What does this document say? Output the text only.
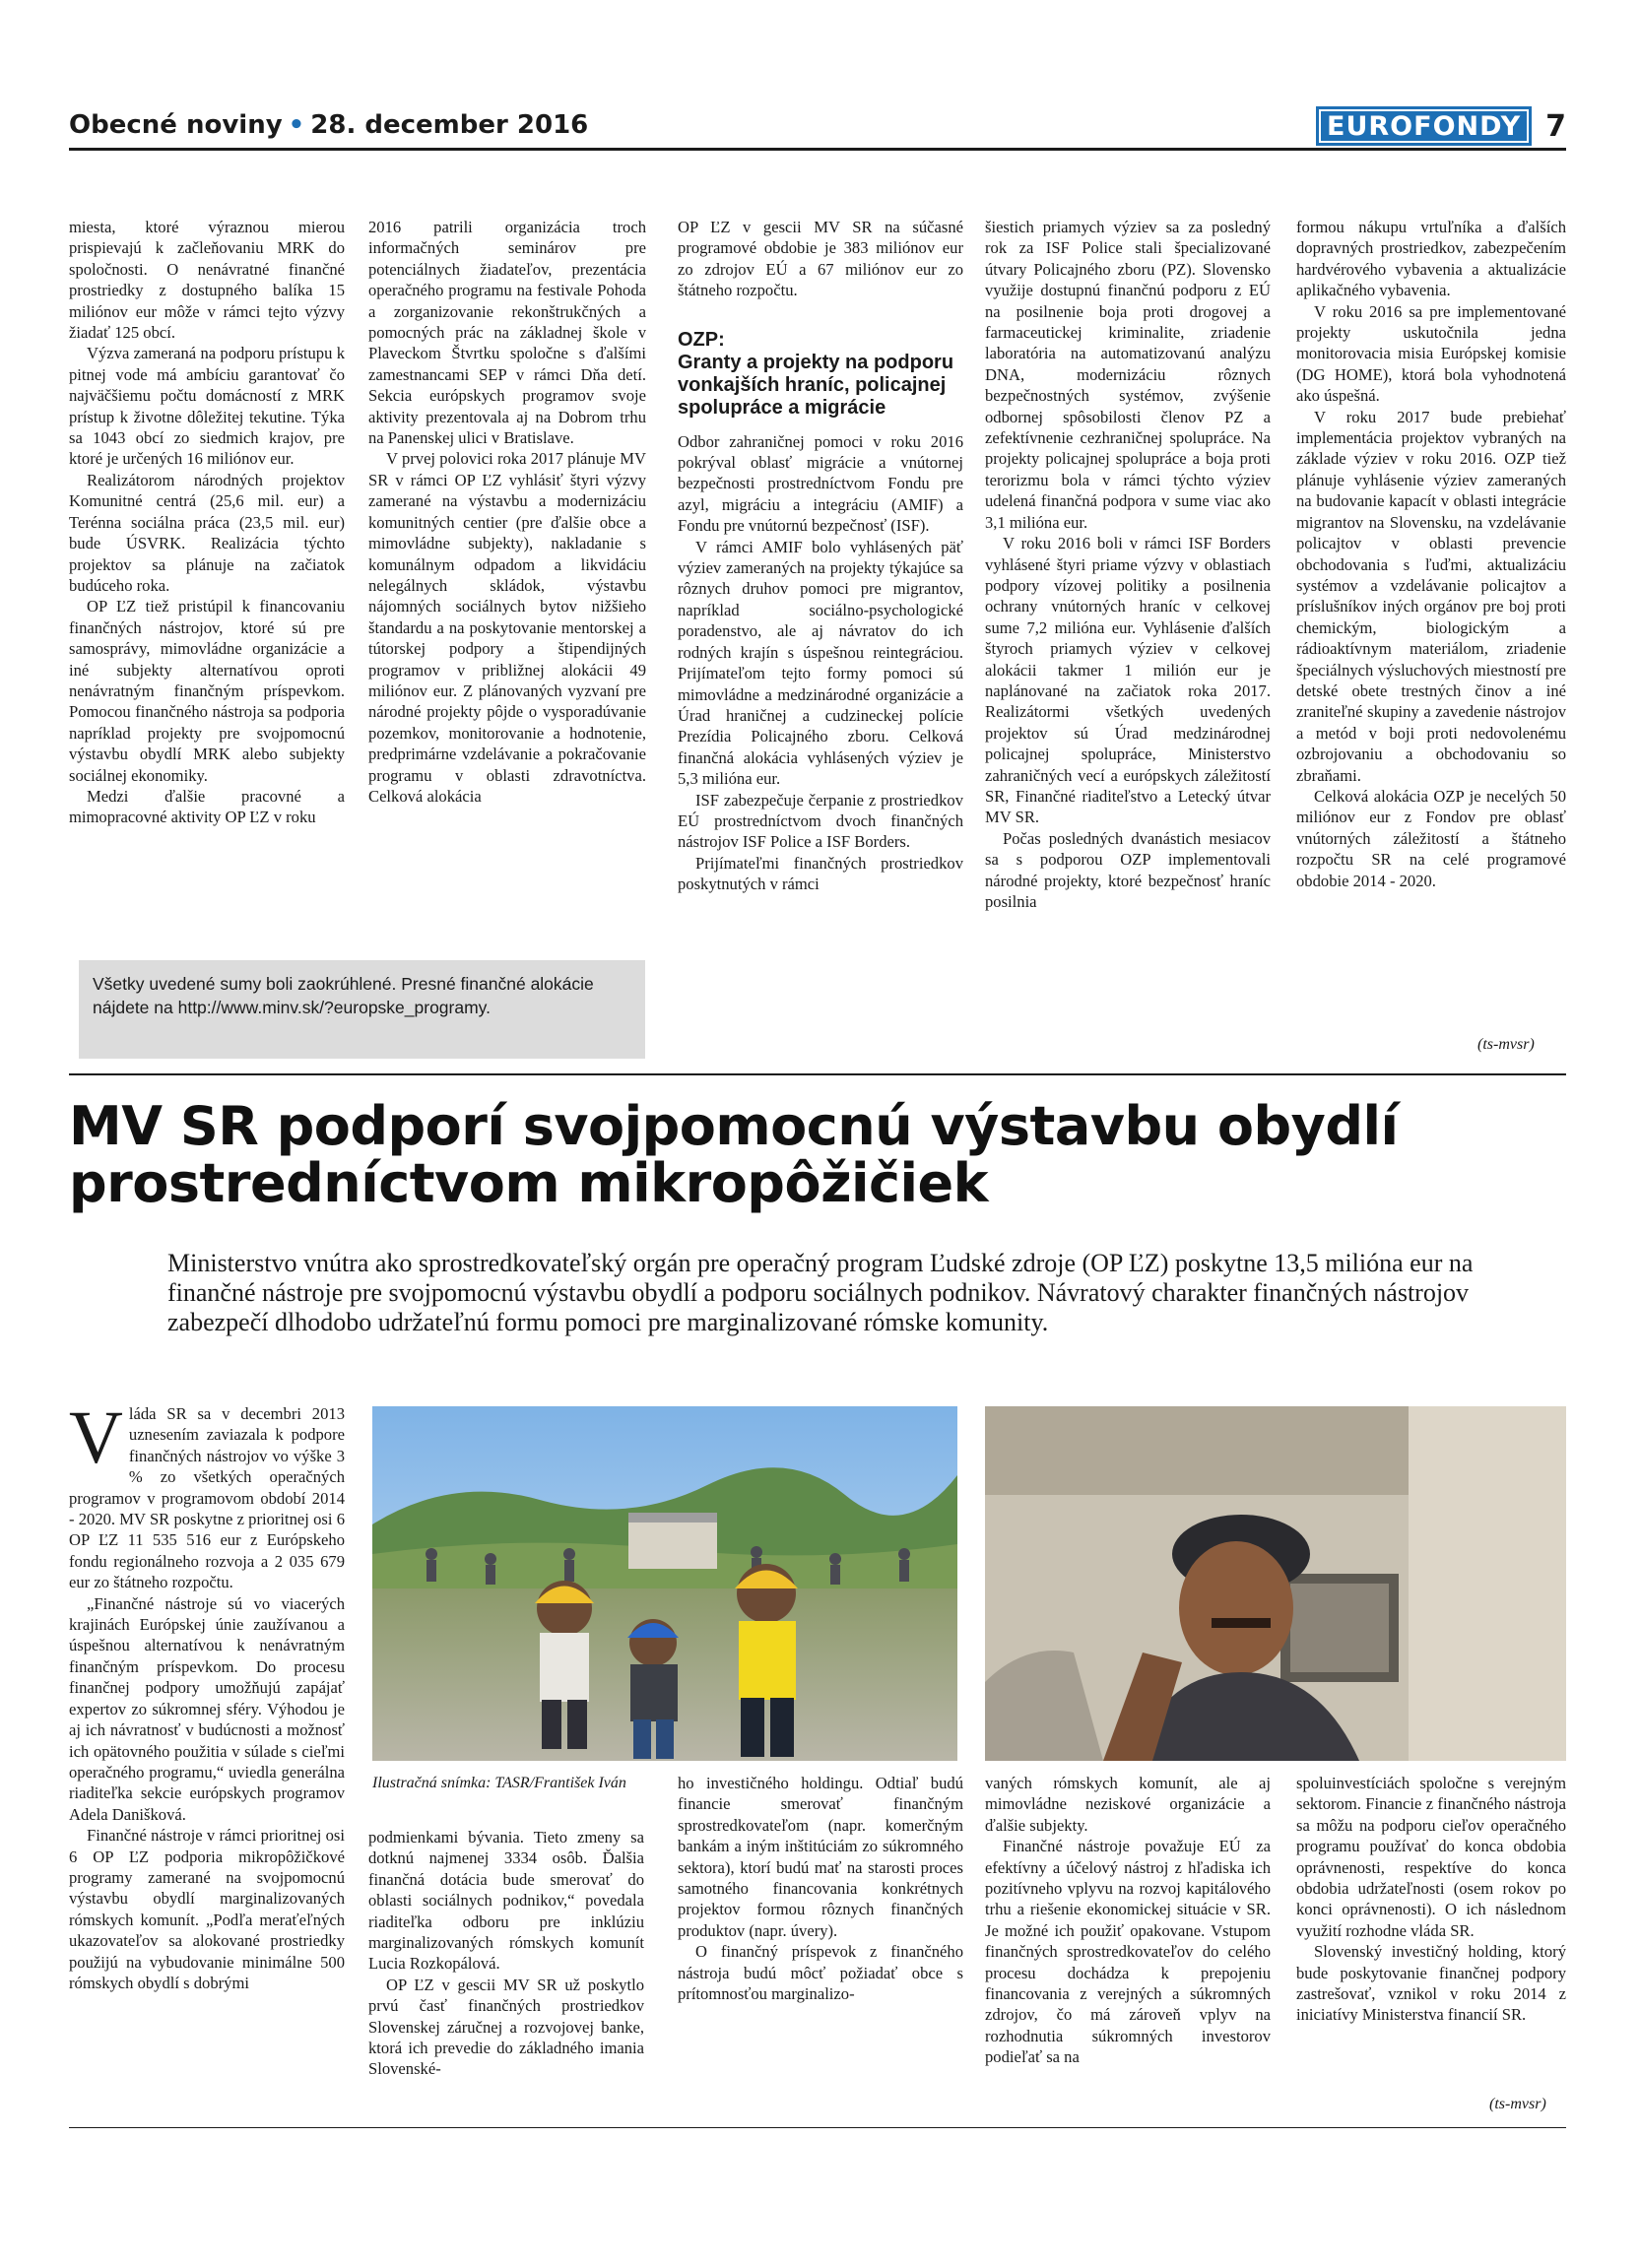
Obecné noviny • 28. december 2016	EUROFONDY 7

miesta, ktoré výraznou mierou prispievajú k začleňovaniu MRK do spoločnosti. O nenávratné finančné prostriedky z dostupného balíka 15 miliónov eur môže v rámci tejto výzvy žiadať 125 obcí.

Výzva zameraná na podporu prístupu k pitnej vode má ambíciu garantovať čo najväčšiemu počtu domácností z MRK prístup k životne dôležitej tekutine. Týka sa 1043 obcí zo siedmich krajov, pre ktoré je určených 16 miliónov eur.

Realizátorom národných projektov Komunitné centrá (25,6 mil. eur) a Terénna sociálna práca (23,5 mil. eur) bude ÚSVRK. Realizácia týchto projektov sa plánuje na začiatok budúceho roka.

OP ĽZ tiež pristúpil k financovaniu finančných nástrojov, ktoré sú pre samosprávy, mimovládne organizácie a iné subjekty alternatívou oproti nenávratným finančným príspevkom. Pomocou finančného nástroja sa podporia napríklad projekty pre svojpomocnú výstavbu obydlí MRK alebo subjekty sociálnej ekonomiky.

Medzi ďalšie pracovné a mimopracovné aktivity OP ĽZ v roku

2016 patrili organizácia troch informačných seminárov pre potenciálnych žiadateľov, prezentácia operačného programu na festivale Pohoda a zorganizovanie rekonštrukčných a pomocných prác na základnej škole v Plaveckom Štvrtku spoločne s ďalšími zamestnancami SEP v rámci Dňa detí. Sekcia európskych programov svoje aktivity prezentovala aj na Dobrom trhu na Panenskej ulici v Bratislave.

V prvej polovici roka 2017 plánuje MV SR v rámci OP ĽZ vyhlásiť štyri výzvy zamerané na výstavbu a modernizáciu komunitných centier (pre ďalšie obce a mimovládne subjekty), nakladanie s komunálnym odpadom a likvidáciu nelegálnych skládok, výstavbu nájomných sociálnych bytov nižšieho štandardu a na poskytovanie mentorskej a tútorskej podpory a štipendijných programov v približnej alokácii 49 miliónov eur. Z plánovaných vyzvaní pre národné projekty pôjde o vysporadúvanie pozemkov, monitorovanie a hodnotenie, predprimárne vzdelávanie a pokračovanie programu v oblasti zdravotníctva. Celková alokácia

OP ĽZ v gescii MV SR na súčasné programové obdobie je 383 miliónov eur zo zdrojov EÚ a 67 miliónov eur zo štátneho rozpočtu.

OZP:
Granty a projekty na podporu vonkajších hraníc, policajnej spolupráce a migrácie

Odbor zahraničnej pomoci v roku 2016 pokrýval oblasť migrácie a vnútornej bezpečnosti prostredníctvom Fondu pre azyl, migráciu a integráciu (AMIF) a Fondu pre vnútornú bezpečnosť (ISF).

V rámci AMIF bolo vyhlásených päť výziev zameraných na projekty týkajúce sa rôznych druhov pomoci pre migrantov, napríklad sociálno-psychologické poradenstvo, ale aj návratov do ich rodných krajín s úspešnou reintegráciou. Prijímateľom tejto formy pomoci sú mimovládne a medzinárodné organizácie a Úrad hraničnej a cudzineckej polície Prezídia Policajného zboru. Celková finančná alokácia vyhlásených výziev je 5,3 milióna eur.

ISF zabezpečuje čerpanie z prostriedkov EÚ prostredníctvom dvoch finančných nástrojov ISF Police a ISF Borders.

Prijímateľmi finančných prostriedkov poskytnutých v rámci

šiestich priamych výziev sa za posledný rok za ISF Police stali špecializované útvary Policajného zboru (PZ). Slovensko využije dostupnú finančnú podporu z EÚ na posilnenie boja proti drogovej a farmaceutickej kriminalite, zriadenie laboratória na automatizovanú analýzu DNA, modernizáciu rôznych bezpečnostných systémov, zvýšenie odbornej spôsobilosti členov PZ a zefektívnenie cezhraničnej spolupráce. Na projekty policajnej spolupráce a boja proti terorizmu bola v rámci týchto výziev udelená finančná podpora v sume viac ako 3,1 milióna eur.

V roku 2016 boli v rámci ISF Borders vyhlásené štyri priame výzvy v oblastiach podpory vízovej politiky a posilnenia ochrany vnútorných hraníc v celkovej sume 7,2 milióna eur. Vyhlásenie ďalších štyroch priamych výziev v celkovej alokácii takmer 1 milión eur je naplánované na začiatok roka 2017. Realizátormi všetkých uvedených projektov sú Úrad medzinárodnej policajnej spolupráce, Ministerstvo zahraničných vecí a európskych záležitostí SR, Finančné riaditeľstvo a Letecký útvar MV SR.

Počas posledných dvanástich mesiacov sa s podporou OZP implementovali národné projekty, ktoré bezpečnosť hraníc posilnia

formou nákupu vrtuľníka a ďalších dopravných prostriedkov, zabezpečením hardvérového vybavenia a aktualizácie aplikačného vybavenia.

V roku 2016 sa pre implementované projekty uskutočnila jedna monitorovacia misia Európskej komisie (DG HOME), ktorá bola vyhodnotená ako úspešná.

V roku 2017 bude prebiehať implementácia projektov vybraných na základe výziev v roku 2016. OZP tiež plánuje vyhlásenie výziev zameraných na budovanie kapacít v oblasti integrácie migrantov na Slovensku, na vzdelávanie policajtov v oblasti prevencie obchodovania s ľuďmi, aktualizáciu systémov a vzdelávanie policajtov a príslušníkov iných orgánov pre boj proti chemickým, biologickým a rádioaktívnym materiálom, zriadenie špeciálnych výsluchových miestností pre detské obete trestných činov a iné zraniteľné skupiny a zavedenie nástrojov a metód v boji proti nedovolenému ozbrojovaniu a obchodovaniu so zbraňami.

Celková alokácia OZP je necelých 50 miliónov eur z Fondov pre oblasť vnútorných záležitostí a štátneho rozpočtu SR na celé programové obdobie 2014 - 2020.

Všetky uvedené sumy boli zaokrúhlené. Presné finančné alokácie nájdete na http://www.minv.sk/?europske_programy.
(ts-mvsr)
MV SR podporí svojpomocnú výstavbu obydlí prostredníctvom mikropôžičiek
Ministerstvo vnútra ako sprostredkovateľský orgán pre operačný program Ľudské zdroje (OP ĽZ) poskytne 13,5 milióna eur na finančné nástroje pre svojpomocnú výstavbu obydlí a podporu sociálnych podnikov. Návratový charakter finančných nástrojov zabezpečí dlhodobo udržateľnú formu pomoci pre marginalizované rómske komunity.

Vláda SR sa v decembri 2013 uznesením zaviazala k podpore finančných nástrojov vo výške 3 % zo všetkých operačných programov v programovom období 2014 - 2020. MV SR poskytne z prioritnej osi 6 OP ĽZ 11 535 516 eur z Európskeho fondu regionálneho rozvoja a 2 035 679 eur zo štátneho rozpočtu.

„Finančné nástroje sú vo viacerých krajinách Európskej únie zaužívanou a úspešnou alternatívou k nenávratným finančným príspevkom. Do procesu finančnej podpory umožňujú zapájať expertov zo súkromnej sféry. Výhodou je aj ich návratnosť v budúcnosti a možnosť ich opätovného použitia v súlade s cieľmi operačného programu,“ uviedla generálna riaditeľka sekcie európskych programov Adela Danišková.

Finančné nástroje v rámci prioritnej osi 6 OP ĽZ podporia mikropôžičkové programy zamerané na svojpomocnú výstavbu obydlí marginalizovaných rómskych komunít. „Podľa meraťeľných ukazovateľov sa alokované prostriedky použijú na vybudovanie minimálne 500 rómskych obydlí s dobrými

Ilustračná snímka: TASR/František Iván

podmienkami bývania. Tieto zmeny sa dotknú najmenej 3334 osôb. Ďalšia finančná dotácia bude smerovať do oblasti sociálnych podnikov,“ povedala riaditeľka odboru pre inklúziu marginalizovaných rómskych komunít Lucia Rozkopálová.

OP ĽZ v gescii MV SR už poskytlo prvú časť finančných prostriedkov Slovenskej záručnej a rozvojovej banke, ktorá ich prevedie do základného imania Slovenské-

ho investičného holdingu. Odtiaľ budú financie smerovať finančným sprostredkovateľom (napr. komerčným bankám a iným inštitúciám zo súkromného sektora), ktorí budú mať na starosti proces samotného financovania konkrétnych projektov formou rôznych finančných produktov (napr. úvery).

O finančný príspevok z finančného nástroja budú môcť požiadať obce s prítomnosťou marginalizo-

vaných rómskych komunít, ale aj mimovládne neziskové organizácie a ďalšie subjekty.

Finančné nástroje považuje EÚ za efektívny a účelový nástroj z hľadiska ich pozitívneho vplyvu na rozvoj kapitálového trhu a riešenie ekonomickej situácie v SR. Je možné ich použiť opakovane. Vstupom finančných sprostredkovateľov do celého procesu dochádza k prepojeniu financovania z verejných a súkromných zdrojov, čo má zároveň vplyv na rozhodnutia súkromných investorov podieľať sa na

spoluinvestíciách spoločne s verejným sektorom. Financie z finančného nástroja sa môžu na podporu cieľov operačného programu používať do konca obdobia oprávnenosti, respektíve do konca obdobia udržateľnosti (osem rokov po konci oprávnenosti). O ich následnom využití rozhodne vláda SR.

Slovenský investičný holding, ktorý bude poskytovanie finančnej podpory zastrešovať, vznikol v roku 2014 z iniciatívy Ministerstva financií SR.

(ts-mvsr)
